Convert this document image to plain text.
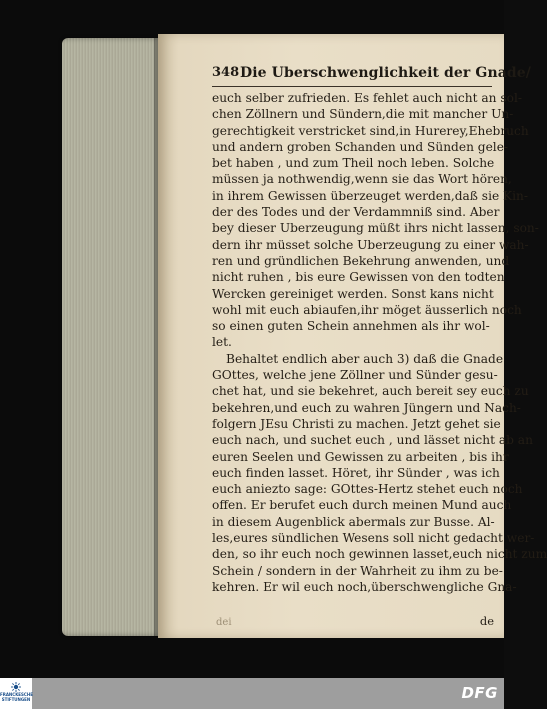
348 Die Uberschwenglichkeit der Gnade/
euch selber zufrieden. Es fehlet auch nicht an sol-
chen Zöllnern und Sündern,die mit mancher Un-
gerechtigkeit verstricket sind,in Hurerey,Ehebruch
und andern groben Schanden und Sünden gele-
bet haben , und zum Theil noch leben. Solche
müssen ja nothwendig,wenn sie das Wort hören,
in ihrem Gewissen überzeuget werden,daß sie Kin-
der des Todes und der Verdammniß sind. Aber
bey dieser Uberzeugung müßt ihrs nicht lassen, son-
dern ihr müsset solche Uberzeugung zu einer wah-
ren und gründlichen Bekehrung anwenden, und
nicht ruhen , bis eure Gewissen von den todten
Wercken gereiniget werden. Sonst kans nicht
wohl mit euch abiaufen,ihr möget äusserlich noch
so einen guten Schein annehmen als ihr wol-
let.
Behaltet endlich aber auch 3) daß die Gnade
GOttes, welche jene Zöllner und Sünder gesu-
chet hat, und sie bekehret, auch bereit sey euch zu
bekehren,und euch zu wahren Jüngern und Nach-
folgern JEsu Christi zu machen. Jetzt gehet sie
euch nach, und suchet euch , und lässet nicht ab an
euren Seelen und Gewissen zu arbeiten , bis ihr
euch finden lasset. Höret, ihr Sünder , was ich
euch aniezto sage: GOttes-Hertz stehet euch noch
offen. Er berufet euch durch meinen Mund auch
in diesem Augenblick abermals zur Busse. Al-
les,eures sündlichen Wesens soll nicht gedacht wer-
den, so ihr euch noch gewinnen lasset,euch nicht zum
Schein / sondern in der Wahrheit zu ihm zu be-
kehren. Er wil euch noch,überschwengliche Gna-
dei	de
FRANCKESCHE
STIFTUNGEN	DFG
